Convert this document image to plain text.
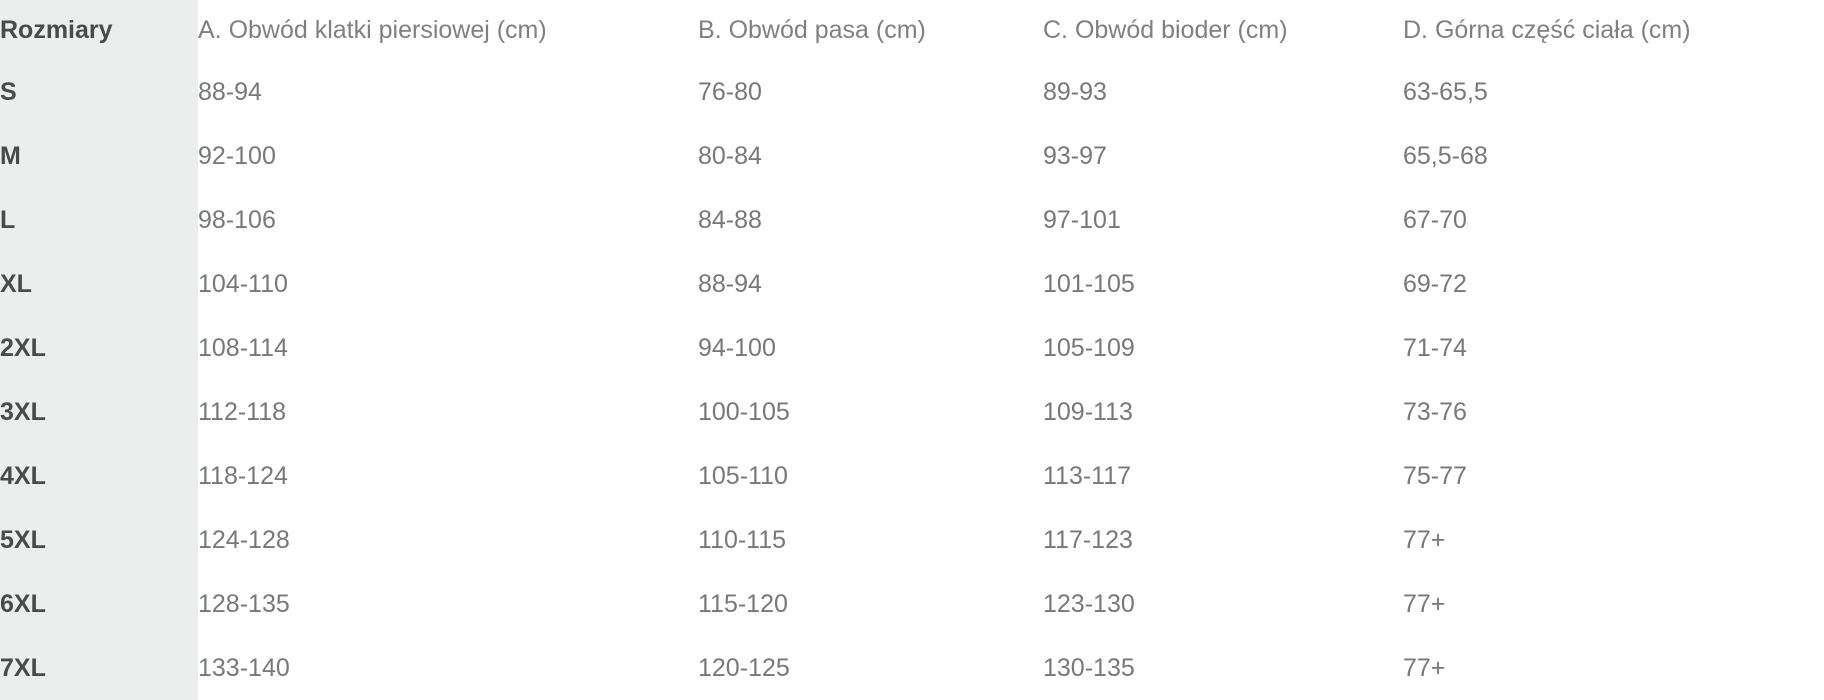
Rozmiary	A. Obwód klatki piersiowej (cm)	B. Obwód pasa (cm)	C. Obwód bioder (cm)	D. Górna część ciała (cm)
S	88-94	76-80	89-93	63-65,5
M	92-100	80-84	93-97	65,5-68
L	98-106	84-88	97-101	67-70
XL	104-110	88-94	101-105	69-72
2XL	108-114	94-100	105-109	71-74
3XL	112-118	100-105	109-113	73-76
4XL	118-124	105-110	113-117	75-77
5XL	124-128	110-115	117-123	77+
6XL	128-135	115-120	123-130	77+
7XL	133-140	120-125	130-135	77+
